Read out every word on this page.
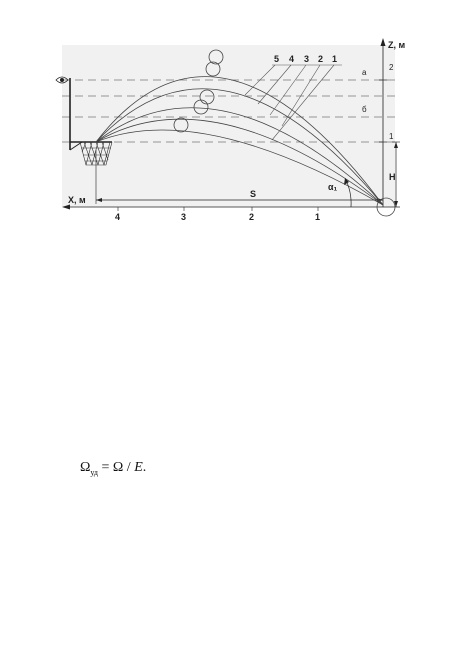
Z, м
2
1
а
б
H
X, м
4	3	2	1
S
5 4 3 2 1
α₁
$\Omega_{уд} = \Omega / E$.
